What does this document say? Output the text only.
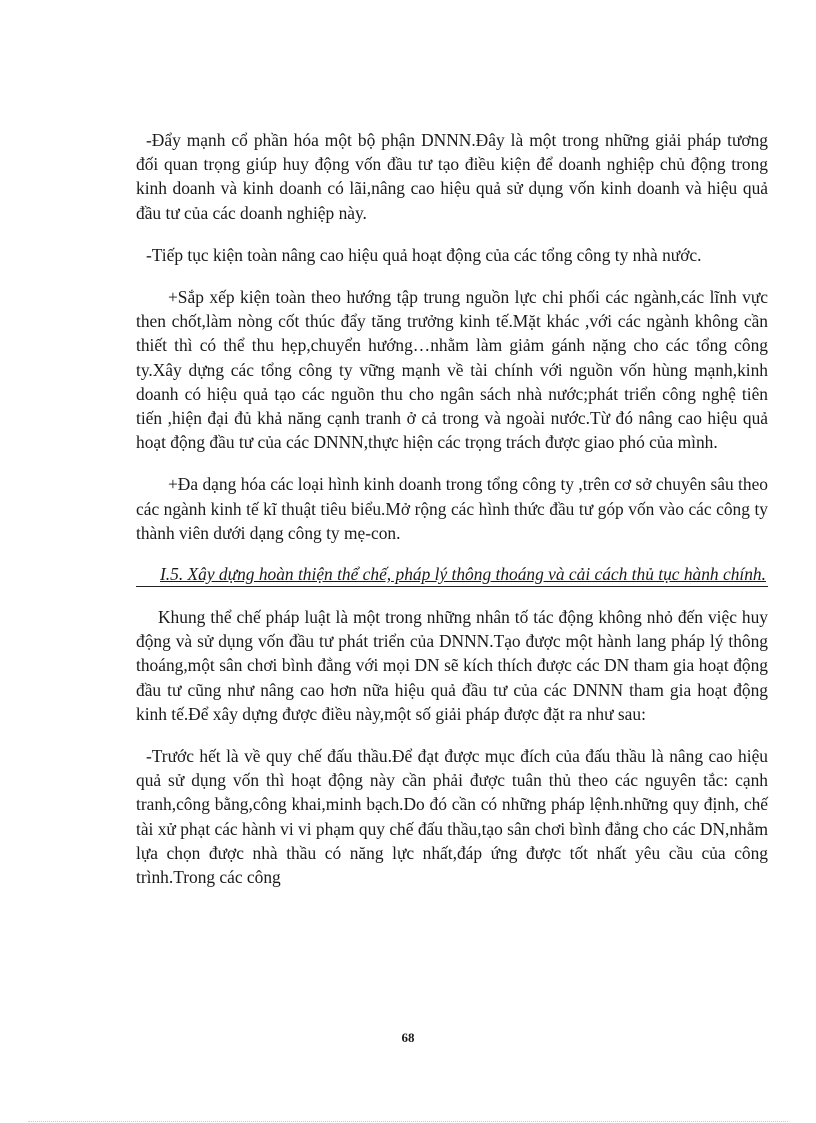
-Đẩy mạnh cổ phần hóa một bộ phận DNNN.Đây là một trong những giải pháp tương đối quan trọng giúp huy động vốn đầu tư tạo điều kiện để doanh nghiệp chủ động trong kinh doanh và kinh doanh có lãi,nâng cao hiệu quả sử dụng vốn kinh doanh và hiệu quả đầu tư của các doanh nghiệp này.

-Tiếp tục kiện toàn nâng cao hiệu quả hoạt động của các tổng công ty nhà nước.

+Sắp xếp kiện toàn theo hướng tập trung nguồn lực chi phối các ngành,các lĩnh vực then chốt,làm nòng cốt thúc đẩy tăng trưởng kinh tế.Mặt khác ,với các ngành không cần thiết thì có thể thu hẹp,chuyển hướng…nhằm làm giảm gánh nặng cho các tổng công ty.Xây dựng các tổng công ty vững mạnh về tài chính với nguồn vốn hùng mạnh,kinh doanh có hiệu quả tạo các nguồn thu cho ngân sách nhà nước;phát triển công nghệ tiên tiến ,hiện đại đủ khả năng cạnh tranh ở cả trong và ngoài nước.Từ đó nâng cao hiệu quả hoạt động đầu tư của các DNNN,thực hiện các trọng trách được giao phó của mình.

+Đa dạng hóa các loại hình kinh doanh trong tổng công ty ,trên cơ sở chuyên sâu theo các ngành kinh tế kĩ thuật tiêu biểu.Mở rộng các hình thức đầu tư góp vốn vào các công ty thành viên dưới dạng công ty mẹ-con.

I.5. Xây dựng hoàn thiện thể chế, pháp lý thông thoáng và cải cách thủ tục hành chính.

Khung thể chế pháp luật là một trong những nhân tố tác động không nhỏ đến việc huy động và sử dụng vốn đầu tư phát triển của DNNN.Tạo được một hành lang pháp lý thông thoáng,một sân chơi bình đẳng với mọi DN sẽ kích thích được các DN tham gia hoạt động đầu tư cũng như nâng cao hơn nữa hiệu quả đầu tư của các DNNN tham gia hoạt động kinh tế.Để xây dựng được điều này,một số giải pháp được đặt ra như sau:

-Trước hết là về quy chế đấu thầu.Để đạt được mục đích của đấu thầu là nâng cao hiệu quả sử dụng vốn thì hoạt động này cần phải được tuân thủ theo các nguyên tắc: cạnh tranh,công bằng,công khai,minh bạch.Do đó cần có những pháp lệnh.những quy định, chế tài xử phạt các hành vi vi phạm quy chế đấu thầu,tạo sân chơi bình đẳng cho các DN,nhằm lựa chọn được nhà thầu có năng lực nhất,đáp ứng được tốt nhất yêu cầu của công trình.Trong các công

68
